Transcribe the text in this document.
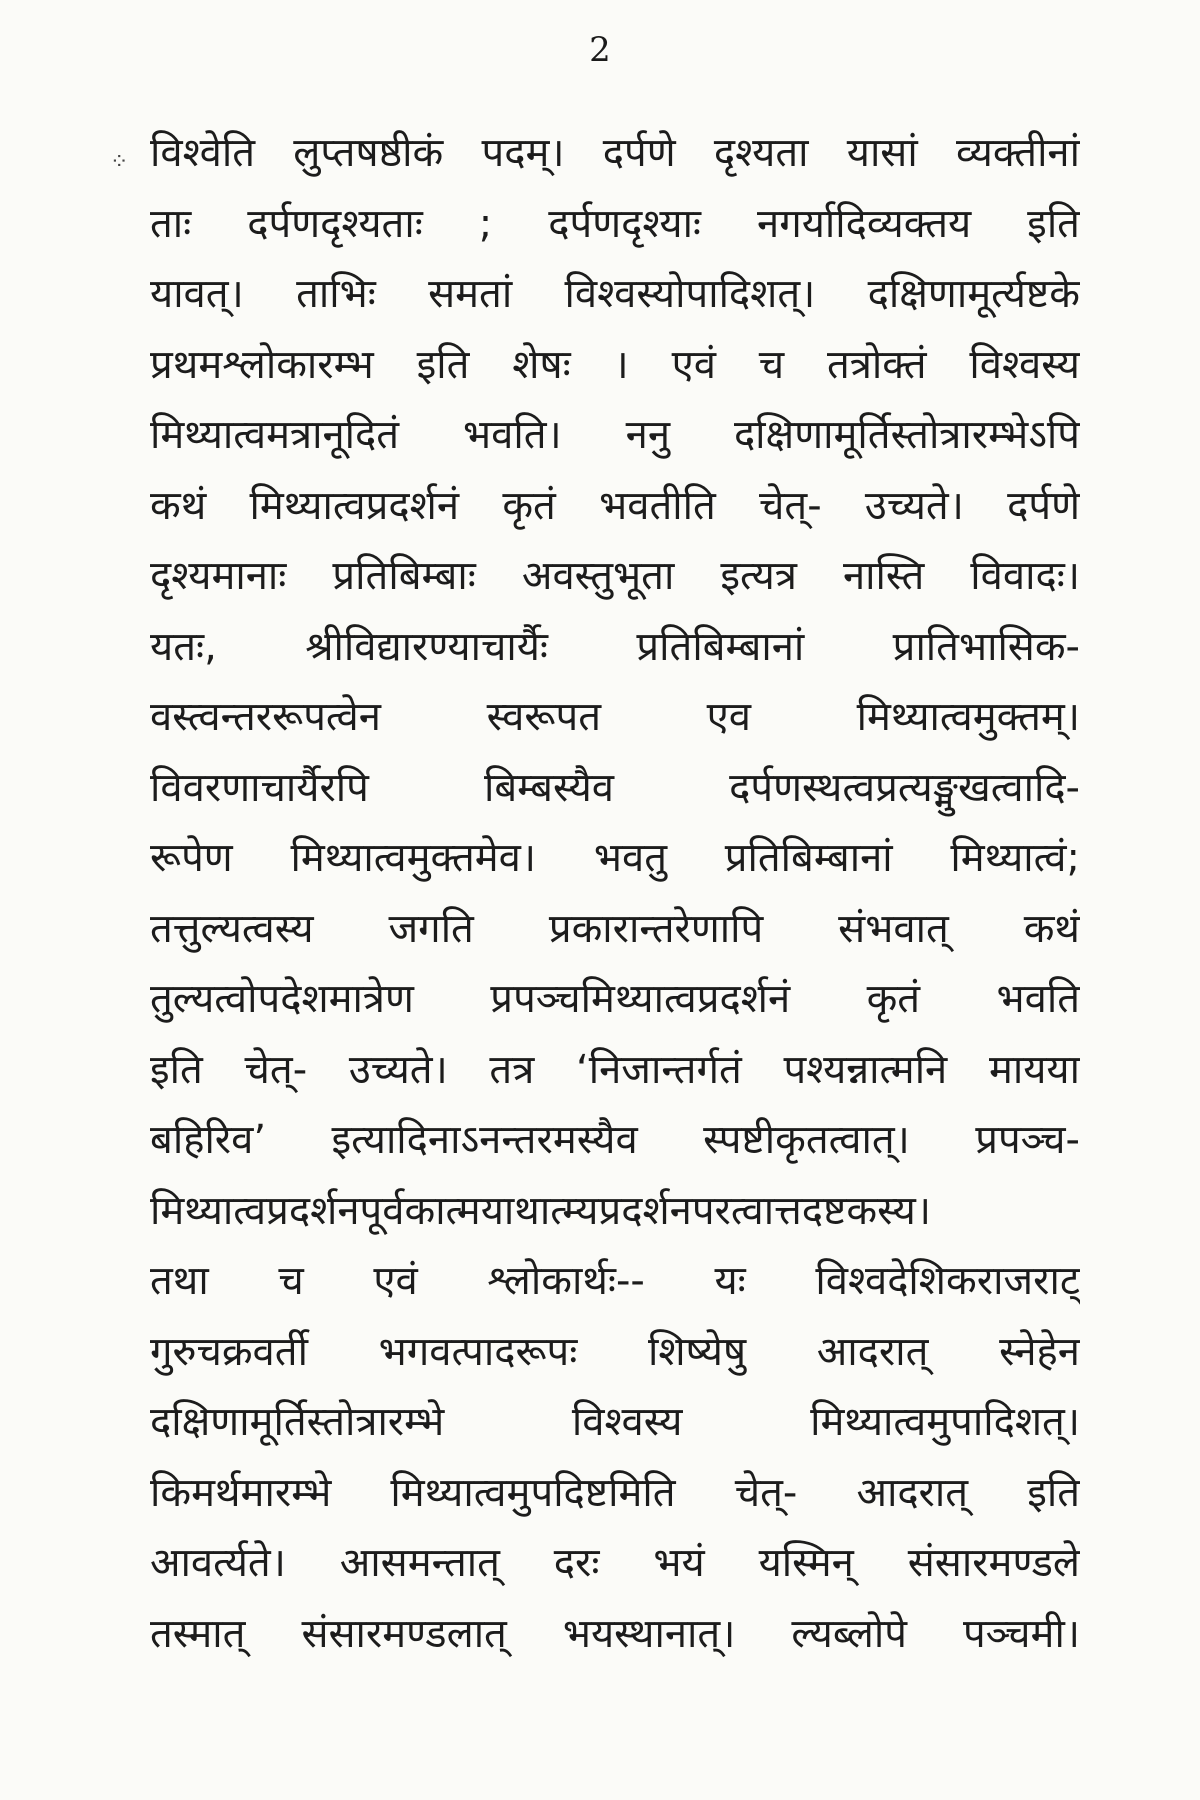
2
⁘ विश्वेति लुप्तषष्ठीकं पदम्। दर्पणे दृश्यता यासां व्यक्तीनां
ताः दर्पणदृश्यताः ; दर्पणदृश्याः नगर्यादिव्यक्तय इति
यावत्। ताभिः समतां विश्वस्योपादिशत्। दक्षिणामूर्त्यष्टके
प्रथमश्लोकारम्भ इति शेषः । एवं च तत्रोक्तं विश्वस्य
मिथ्यात्वमत्रानूदितं भवति। ननु दक्षिणामूर्तिस्तोत्रारम्भेऽपि
कथं मिथ्यात्वप्रदर्शनं कृतं भवतीति चेत्- उच्यते। दर्पणे
दृश्यमानाः प्रतिबिम्बाः अवस्तुभूता इत्यत्र नास्ति विवादः।
यतः, श्रीविद्यारण्याचार्यैः प्रतिबिम्बानां प्रातिभासिक-
वस्त्वन्तररूपत्वेन स्वरूपत एव मिथ्यात्वमुक्तम्।
विवरणाचार्यैरपि बिम्बस्यैव दर्पणस्थत्वप्रत्यङ्मुखत्वादि-
रूपेण मिथ्यात्वमुक्तमेव। भवतु प्रतिबिम्बानां मिथ्यात्वं;
तत्तुल्यत्वस्य जगति प्रकारान्तरेणापि संभवात् कथं
तुल्यत्वोपदेशमात्रेण प्रपञ्चमिथ्यात्वप्रदर्शनं कृतं भवति
इति चेत्- उच्यते। तत्र ‘निजान्तर्गतं पश्यन्नात्मनि मायया
बहिरिव’ इत्यादिनाऽनन्तरमस्यैव स्पष्टीकृतत्वात्। प्रपञ्च-
मिथ्यात्वप्रदर्शनपूर्वकात्मयाथात्म्यप्रदर्शनपरत्वात्तदष्टकस्य।
तथा च एवं श्लोकार्थः-- यः विश्वदेशिकराजराट्
गुरुचक्रवर्ती भगवत्पादरूपः शिष्येषु आदरात् स्नेहेन
दक्षिणामूर्तिस्तोत्रारम्भे विश्वस्य मिथ्यात्वमुपादिशत्।
किमर्थमारम्भे मिथ्यात्वमुपदिष्टमिति चेत्- आदरात् इति
आवर्त्यते। आसमन्तात् दरः भयं यस्मिन् संसारमण्डले
तस्मात् संसारमण्डलात् भयस्थानात्। ल्यब्लोपे पञ्चमी।
